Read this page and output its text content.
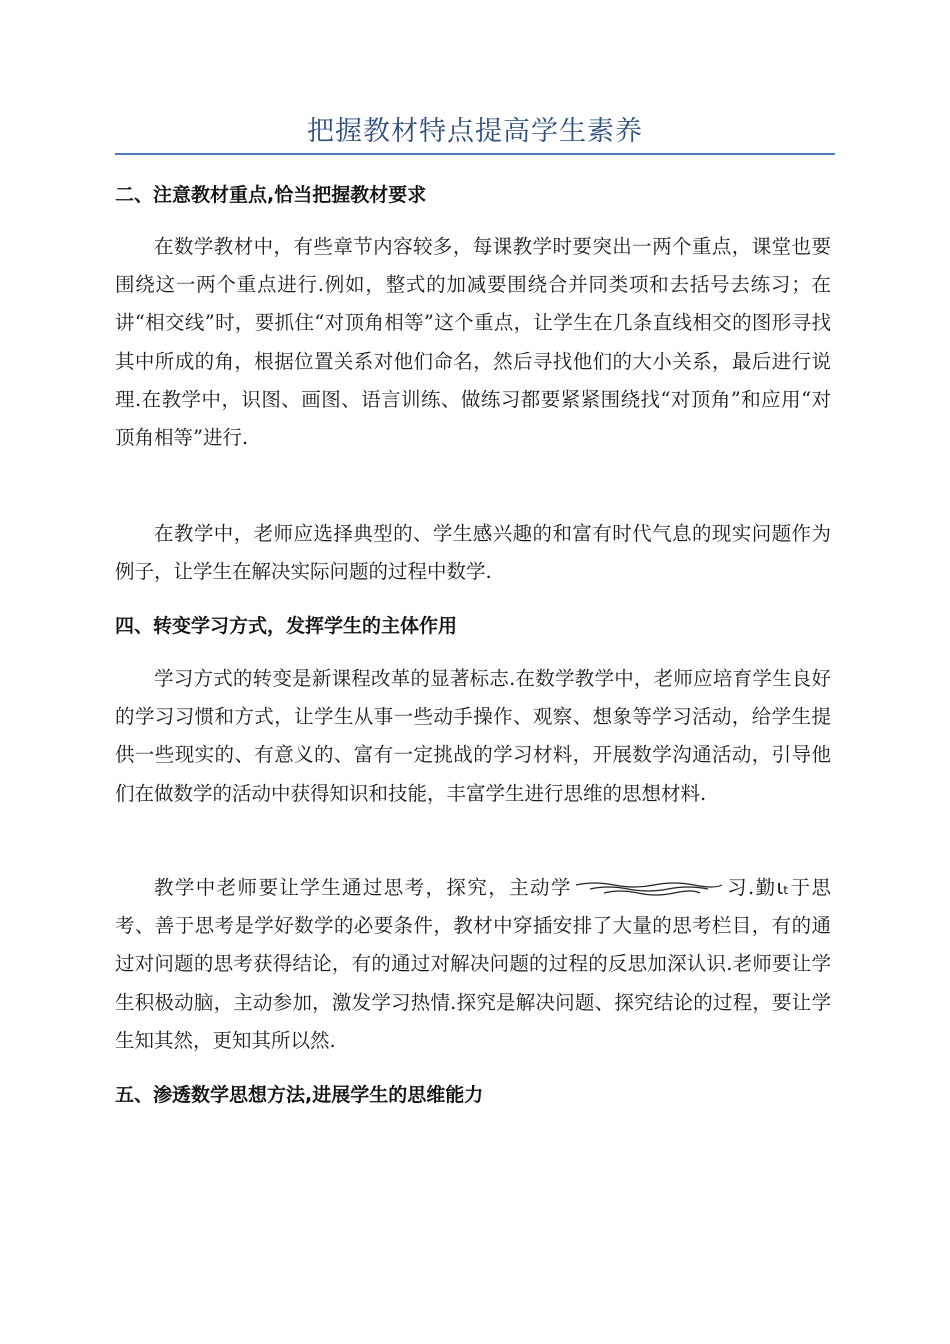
把握教材特点提高学生素养
二、注意教材重点,恰当把握教材要求

在数学教材中，有些章节内容较多，每课教学时要突出一两个重点，课堂也要围绕这一两个重点进行.例如，整式的加减要围绕合并同类项和去括号去练习；在讲“相交线”时，要抓住“对顶角相等”这个重点，让学生在几条直线相交的图形寻找其中所成的角，根据位置关系对他们命名，然后寻找他们的大小关系，最后进行说理.在教学中，识图、画图、语言训练、做练习都要紧紧围绕找“对顶角”和应用“对顶角相等”进行.

在教学中，老师应选择典型的、学生感兴趣的和富有时代气息的现实问题作为例子，让学生在解决实际问题的过程中数学.

四、转变学习方式，发挥学生的主体作用

学习方式的转变是新课程改革的显著标志.在数学教学中，老师应培育学生良好的学习习惯和方式，让学生从事一些动手操作、观察、想象等学习活动，给学生提供一些现实的、有意义的、富有一定挑战的学习材料，开展数学沟通活动，引导他们在做数学的活动中获得知识和技能，丰富学生进行思维的思想材料.

教学中老师要让学生通过思考，探究，主动学	习.勤ɩₜ于思考、善于思考是学好数学的必要条件，教材中穿插安排了大量的思考栏目，有的通过对问题的思考获得结论，有的通过对解决问题的过程的反思加深认识.老师要让学生积极动脑，主动参加，激发学习热情.探究是解决问题、探究结论的过程，要让学生知其然，更知其所以然.

五、渗透数学思想方法,进展学生的思维能力
